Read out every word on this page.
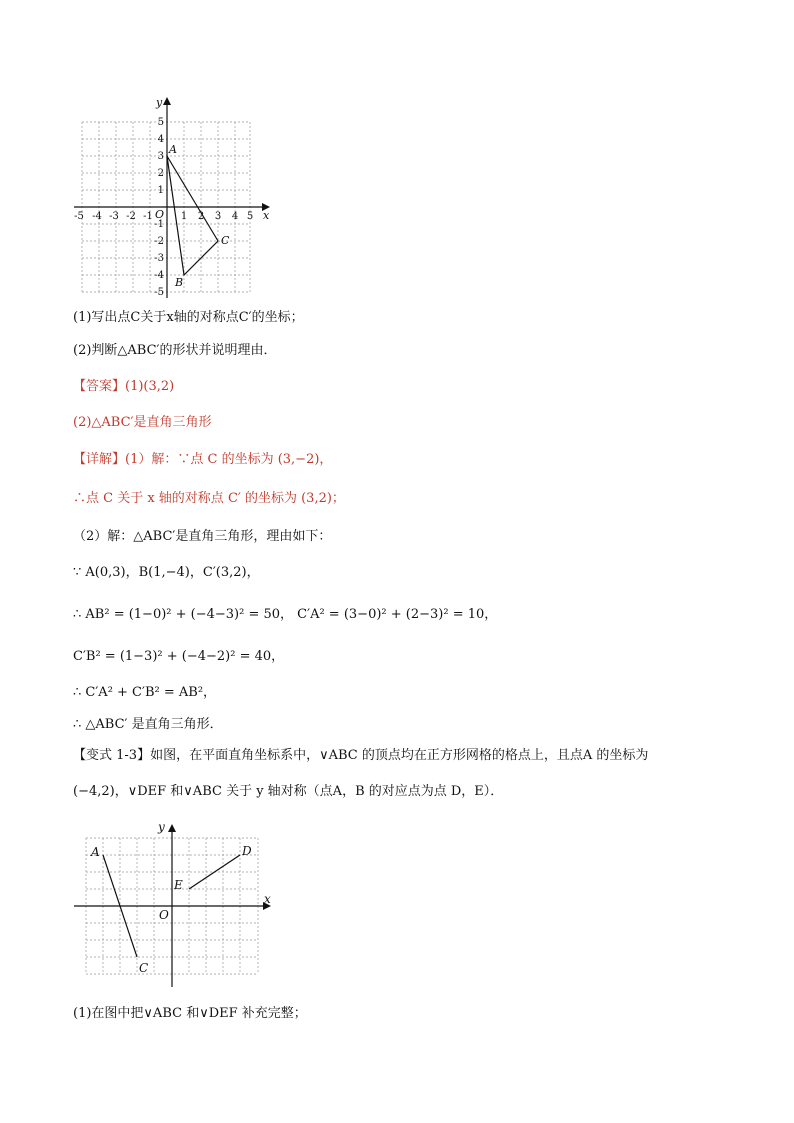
x
y
O
A
B
C
-5 -4 -3 -2 -1	1 2 3 4 5
5
4
3
2
1
-1
-2
-3
-4
-5
(1)写出点C关于x轴的对称点C′的坐标；
(2)判断△ABC′的形状并说明理由．
【答案】(1)(3,2)
(2)△ABC′是直角三角形
【详解】(1）解：∵点 C 的坐标为 (3,−2)，
∴点 C 关于 x 轴的对称点 C′ 的坐标为 (3,2)；
（2）解：△ABC′是直角三角形，理由如下：
∵ A(0,3)，B(1,−4)，C′(3,2)，
∴ AB² = (1−0)² + (−4−3)² = 50， C′A² = (3−0)² + (2−3)² = 10，
C′B² = (1−3)² + (−4−2)² = 40，
∴ C′A² + C′B² = AB²，
∴ △ABC′ 是直角三角形．
【变式 1-3】如图，在平面直角坐标系中，∨ABC 的顶点均在正方形网格的格点上，且点A 的坐标为
(−4,2)，∨DEF 和∨ABC 关于 y 轴对称（点A，B 的对应点为点 D，E）．
x
y
O
A
C
D
E
(1)在图中把∨ABC 和∨DEF 补充完整；
